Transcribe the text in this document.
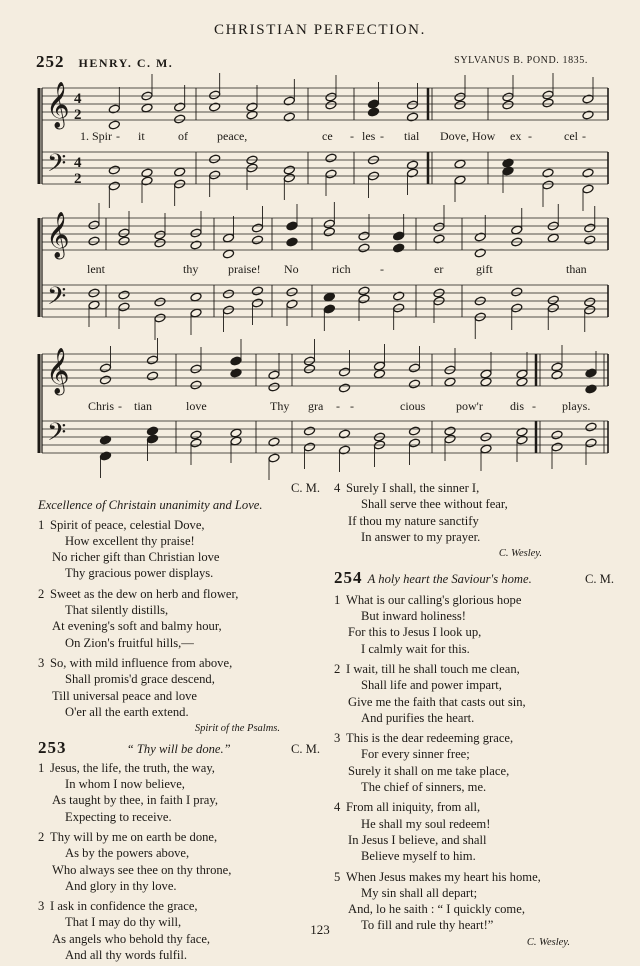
CHRISTIAN PERFECTION.
252 HENRY. C. M.	SYLVANUS B. POND. 1835.
𝄞
𝄢
4
2
4
2
𝄞
𝄢
𝄞
𝄢
1. Spir - it	of peace,	ce - les - tial Dove, How ex -	cel -
lent	thy praise! No	rich -	er	gift	than
Chris - tian	love	Thy gra - -	cious	pow'r dis - plays.
C. M.
Excellence of Christain unanimity and Love.
1 Spirit of peace, celestial Dove,
How excellent thy praise!
No richer gift than Christian love
Thy gracious power displays.
2 Sweet as the dew on herb and flower,
That silently distills,
At evening's soft and balmy hour,
On Zion's fruitful hills,—
3 So, with mild influence from above,
Shall promis'd grace descend,
Till universal peace and love
O'er all the earth extend.
Spirit of the Psalms.
253	“ Thy will be done.”	C. M.
1 Jesus, the life, the truth, the way,
In whom I now believe,
As taught by thee, in faith I pray,
Expecting to receive.
2 Thy will by me on earth be done,
As by the powers above,
Who always see thee on thy throne,
And glory in thy love.
3 I ask in confidence the grace,
That I may do thy will,
As angels who behold thy face,
And all thy words fulfil.
4 Surely I shall, the sinner I,
Shall serve thee without fear,
If thou my nature sanctify
In answer to my prayer.
C. Wesley.
254 A holy heart the Saviour's home.	C. M.
1 What is our calling's glorious hope
But inward holiness!
For this to Jesus I look up,
I calmly wait for this.
2 I wait, till he shall touch me clean,
Shall life and power impart,
Give me the faith that casts out sin,
And purifies the heart.
3 This is the dear redeeming grace,
For every sinner free;
Surely it shall on me take place,
The chief of sinners, me.
4 From all iniquity, from all,
He shall my soul redeem!
In Jesus I believe, and shall
Believe myself to him.
5 When Jesus makes my heart his home,
My sin shall all depart;
And, lo he saith : “ I quickly come,
To fill and rule thy heart!”
C. Wesley.
123
